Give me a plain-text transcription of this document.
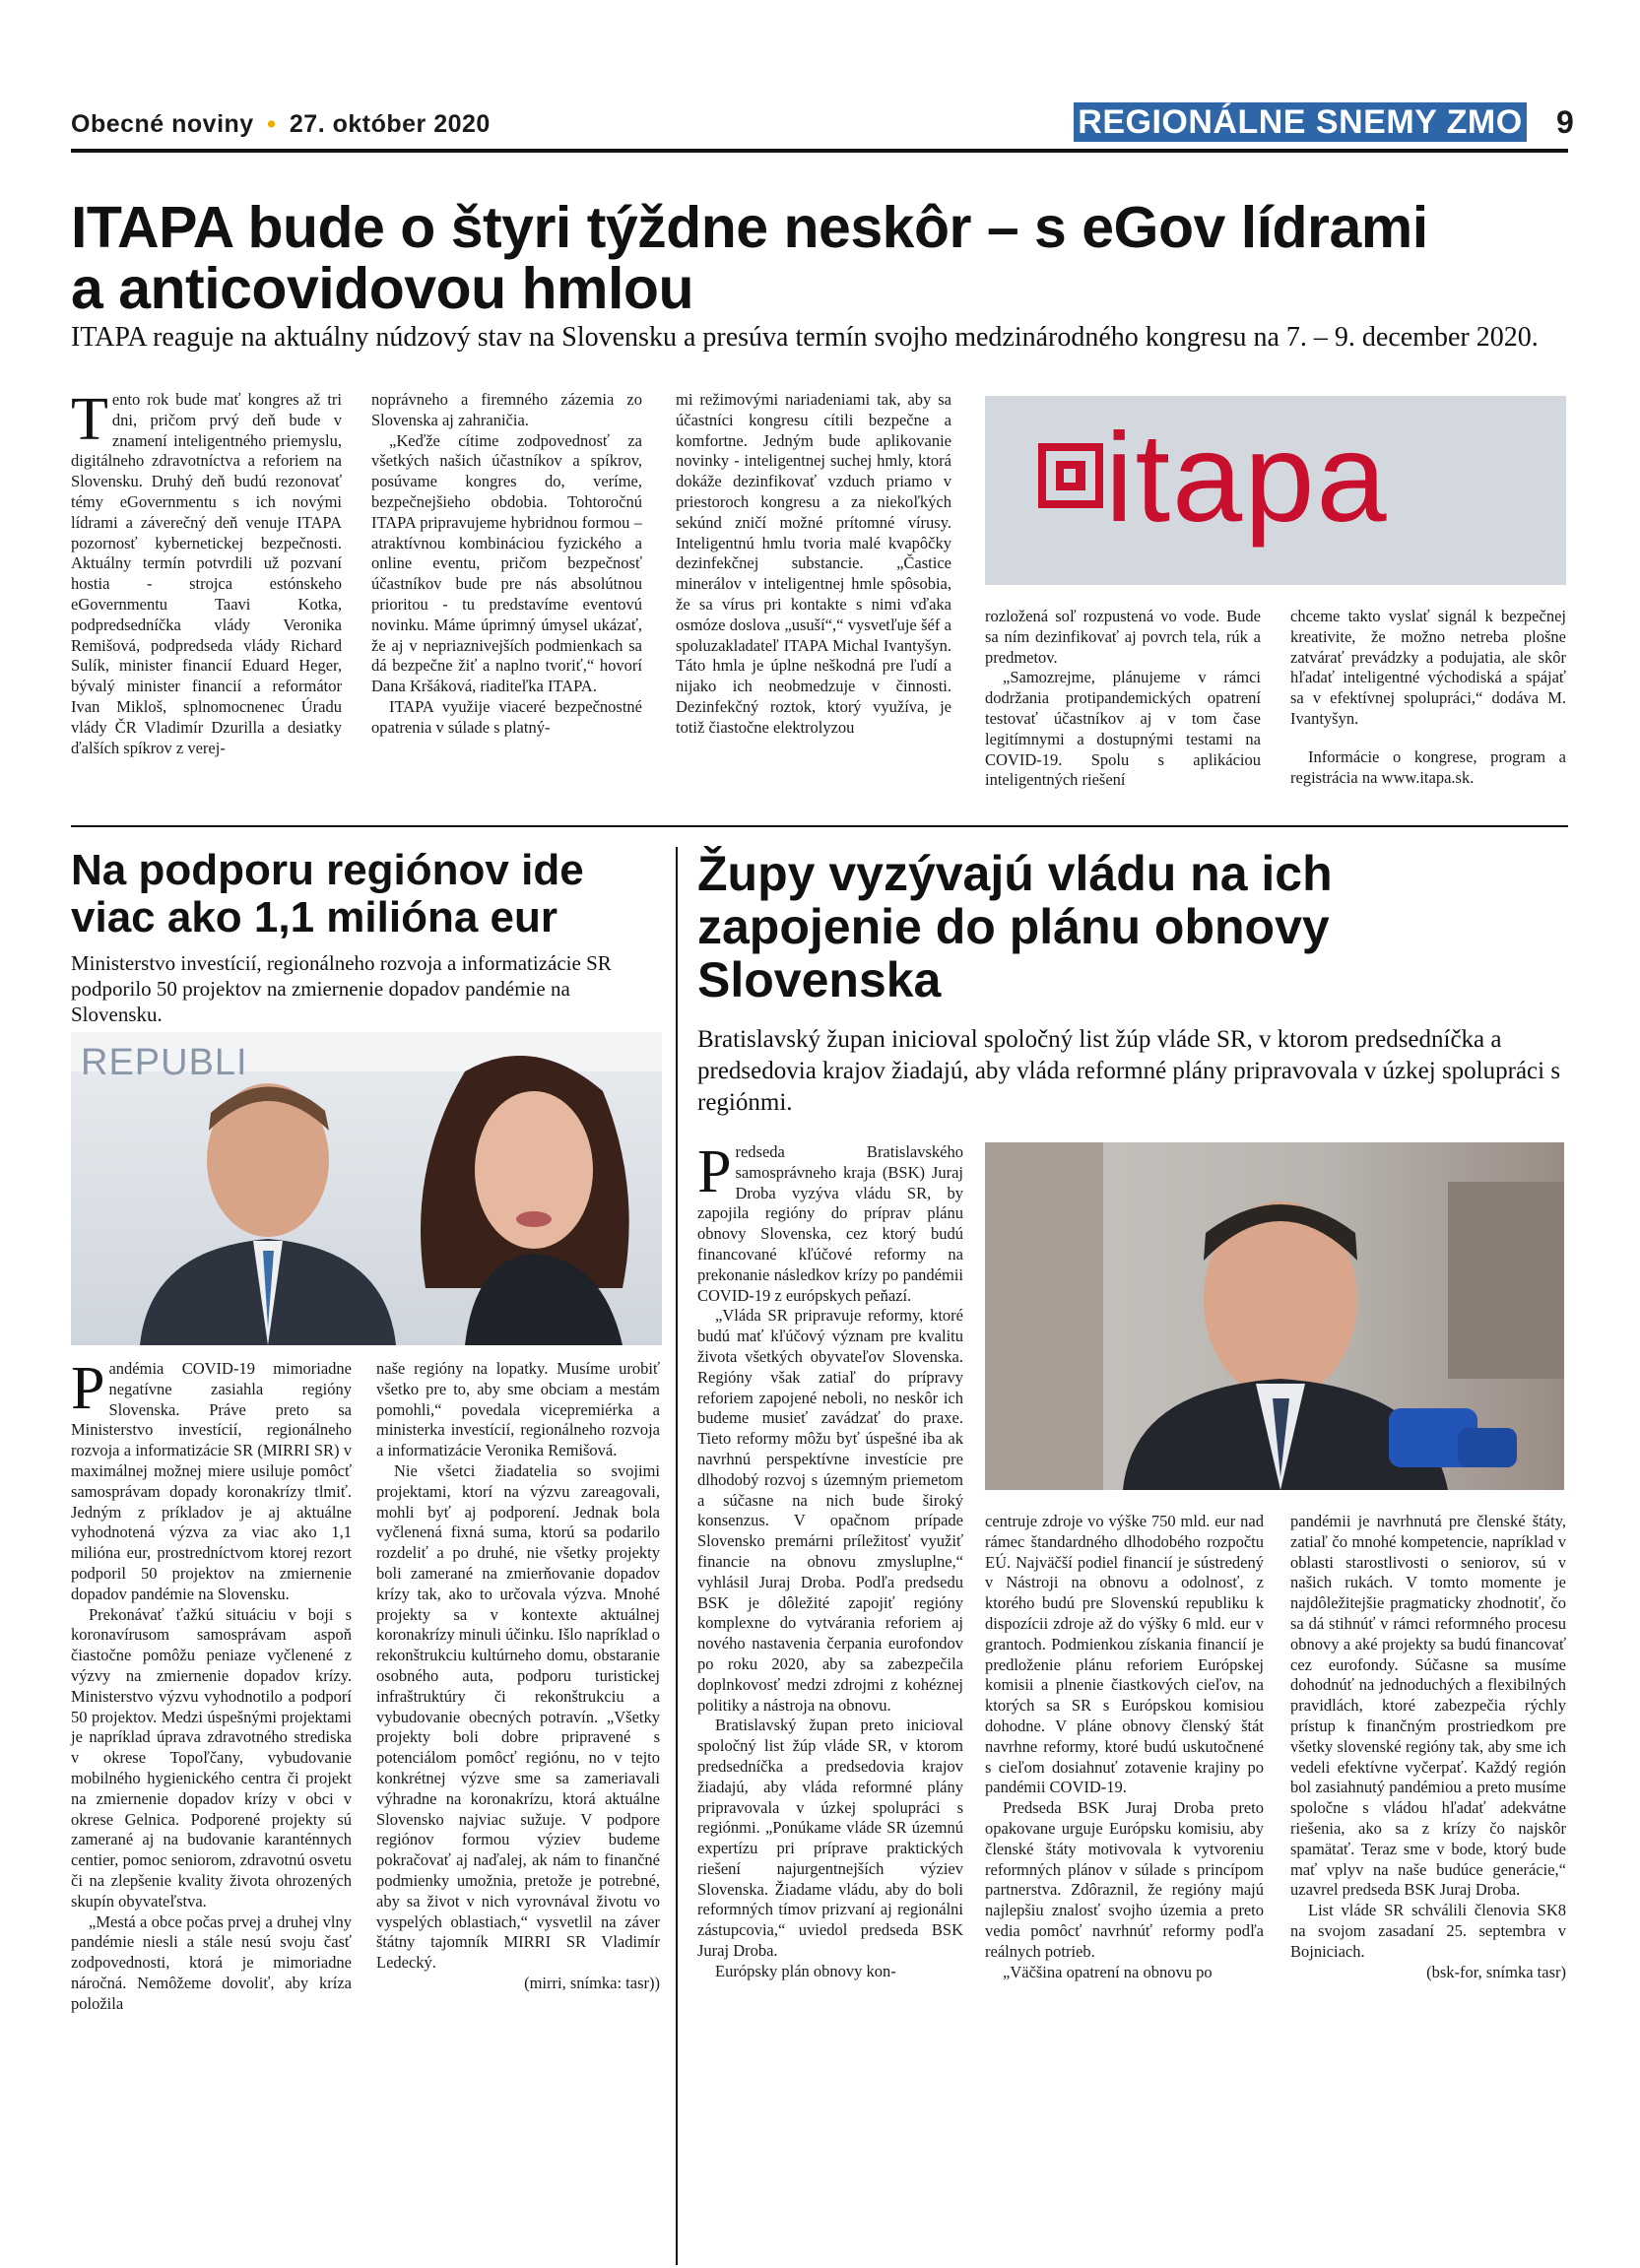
Obecné noviny • 27. október 2020	REGIONÁLNE SNEMY ZMO 9
ITAPA bude o štyri týždne neskôr – s eGov lídrami
a anticovidovou hmlou
ITAPA reaguje na aktuálny núdzový stav na Slovensku a presúva termín svojho medzinárodného kongresu na 7. – 9. december 2020.

Tento rok bude mať kongres až tri dni, pričom prvý deň bude v znamení inteligentného priemyslu, digitálneho zdravotníctva a reforiem na Slovensku. Druhý deň budú rezonovať témy eGovernmentu s ich novými lídrami a záverečný deň venuje ITAPA pozornosť kybernetickej bezpečnosti. Aktuálny termín potvrdili už pozvaní hostia - strojca estónskeho eGovernmentu Taavi Kotka, podpredsedníčka vlády Veronika Remišová, podpredseda vlády Richard Sulík, minister financií Eduard Heger, bývalý minister financií a reformátor Ivan Mikloš, splnomocnenec Úradu vlády ČR Vladimír Dzurilla a desiatky ďalších spíkrov z verej-

noprávneho a firemného zázemia zo Slovenska aj zahraničia.

„Keďže cítime zodpovednosť za všetkých našich účastníkov a spíkrov, posúvame kongres do, veríme, bezpečnejšieho obdobia. Tohtoročnú ITAPA pripravujeme hybridnou formou – atraktívnou kombináciou fyzického a online eventu, pričom bezpečnosť účastníkov bude pre nás absolútnou prioritou - tu predstavíme eventovú novinku. Máme úprimný úmysel ukázať, že aj v nepriaznivejších podmienkach sa dá bezpečne žiť a naplno tvoriť,“ hovorí Dana Kršáková, riaditeľka ITAPA.

ITAPA využije viaceré bezpečnostné opatrenia v súlade s platný-

mi režimovými nariadeniami tak, aby sa účastníci kongresu cítili bezpečne a komfortne. Jedným bude aplikovanie novinky - inteligentnej suchej hmly, ktorá dokáže dezinfikovať vzduch priamo v priestoroch kongresu a za niekoľkých sekúnd zničí možné prítomné vírusy. Inteligentnú hmlu tvoria malé kvapôčky dezinfekčnej substancie. „Častice minerálov v inteligentnej hmle spôsobia, že sa vírus pri kontakte s nimi vďaka osmóze doslova „usuší“,“ vysvetľuje šéf a spoluzakladateľ ITAPA Michal Ivantyšyn. Táto hmla je úplne neškodná pre ľudí a nijako ich neobmedzuje v činnosti. Dezinfekčný roztok, ktorý využíva, je totiž čiastočne elektrolyzou

itapa

rozložená soľ rozpustená vo vode. Bude sa ním dezinfikovať aj povrch tela, rúk a predmetov.

„Samozrejme, plánujeme v rámci dodržania protipandemických opatrení testovať účastníkov aj v tom čase legitímnymi a dostupnými testami na COVID-19. Spolu s aplikáciou inteligentných riešení

chceme takto vyslať signál k bezpečnej kreativite, že možno netreba plošne zatvárať prevádzky a podujatia, ale skôr hľadať inteligentné východiská a spájať sa v efektívnej spolupráci,“ dodáva M. Ivantyšyn.

Informácie o kongrese, program a registrácia na www.itapa.sk.

Na podporu regiónov ide
viac ako 1,1 milióna eur
Ministerstvo investícií, regionálneho rozvoja a informatizácie SR podporilo 50 projektov na zmiernenie dopadov pandémie na Slovensku.
REPUBLI

Pandémia COVID-19 mimoriadne negatívne zasiahla regióny Slovenska. Práve preto sa Ministerstvo investícií, regionálneho rozvoja a informatizácie SR (MIRRI SR) v maximálnej možnej miere usiluje pomôcť samosprávam dopady koronakrízy tlmiť. Jedným z príkladov je aj aktuálne vyhodnotená výzva za viac ako 1,1 milióna eur, prostredníctvom ktorej rezort podporil 50 projektov na zmiernenie dopadov pandémie na Slovensku.

Prekonávať ťažkú situáciu v boji s koronavírusom samosprávam aspoň čiastočne pomôžu peniaze vyčlenené z výzvy na zmiernenie dopadov krízy. Ministerstvo výzvu vyhodnotilo a podporí 50 projektov. Medzi úspešnými projektami je napríklad úprava zdravotného strediska v okrese Topoľčany, vybudovanie mobilného hygienického centra či projekt na zmiernenie dopadov krízy v obci v okrese Gelnica. Podporené projekty sú zamerané aj na budovanie karanténnych centier, pomoc seniorom, zdravotnú osvetu či na zlepšenie kvality života ohrozených skupín obyvateľstva.

„Mestá a obce počas prvej a druhej vlny pandémie niesli a stále nesú svoju časť zodpovednosti, ktorá je mimoriadne náročná. Nemôžeme dovoliť, aby kríza položila

naše regióny na lopatky. Musíme urobiť všetko pre to, aby sme obciam a mestám pomohli,“ povedala vicepremiérka a ministerka investícií, regionálneho rozvoja a informatizácie Veronika Remišová.

Nie všetci žiadatelia so svojimi projektami, ktorí na výzvu zareagovali, mohli byť aj podporení. Jednak bola vyčlenená fixná suma, ktorú sa podarilo rozdeliť a po druhé, nie všetky projekty boli zamerané na zmierňovanie dopadov krízy tak, ako to určovala výzva. Mnohé projekty sa v kontexte aktuálnej koronakrízy minuli účinku. Išlo napríklad o rekonštrukciu kultúrneho domu, obstaranie osobného auta, podporu turistickej infraštruktúry či rekonštrukciu a vybudovanie obecných potravín. „Všetky projekty boli dobre pripravené s potenciálom pomôcť regiónu, no v tejto konkrétnej výzve sme sa zameriavali výhradne na koronakrízu, ktorá aktuálne Slovensko najviac sužuje. V podpore regiónov formou výziev budeme pokračovať aj naďalej, ak nám to finančné podmienky umožnia, pretože je potrebné, aby sa život v nich vyrovnával životu vo vyspelých oblastiach,“ vysvetlil na záver štátny tajomník MIRRI SR Vladimír Ledecký.

(mirri, snímka: tasr))

Župy vyzývajú vládu na ich
zapojenie do plánu obnovy
Slovenska
Bratislavský župan inicioval spoločný list žúp vláde SR, v ktorom predsedníčka a predsedovia krajov žiadajú, aby vláda reformné plány pripravovala v úzkej spolupráci s regiónmi.

Predseda Bratislavského samosprávneho kraja (BSK) Juraj Droba vyzýva vládu SR, by zapojila regióny do príprav plánu obnovy Slovenska, cez ktorý budú financované kľúčové reformy na prekonanie následkov krízy po pandémii COVID-19 z európskych peňazí.

„Vláda SR pripravuje reformy, ktoré budú mať kľúčový význam pre kvalitu života všetkých obyvateľov Slovenska. Regióny však zatiaľ do prípravy reforiem zapojené neboli, no neskôr ich budeme musieť zavádzať do praxe. Tieto reformy môžu byť úspešné iba ak navrhnú perspektívne investície pre dlhodobý rozvoj s územným priemetom a súčasne na nich bude široký konsenzus. V opačnom prípade Slovensko premárni príležitosť využiť financie na obnovu zmysluplne,“ vyhlásil Juraj Droba. Podľa predsedu BSK je dôležité zapojiť regióny komplexne do vytvárania reforiem aj nového nastavenia čerpania eurofondov po roku 2020, aby sa zabezpečila doplnkovosť medzi zdrojmi z kohéznej politiky a nástroja na obnovu.

Bratislavský župan preto inicioval spoločný list žúp vláde SR, v ktorom predsedníčka a predsedovia krajov žiadajú, aby vláda reformné plány pripravovala v úzkej spolupráci s regiónmi. „Ponúkame vláde SR územnú expertízu pri príprave praktických riešení najurgentnejších výziev Slovenska. Žiadame vládu, aby do boli reformných tímov prizvaní aj regionálni zástupcovia,“ uviedol predseda BSK Juraj Droba.

Európsky plán obnovy kon-

centruje zdroje vo výške 750 mld. eur nad rámec štandardného dlhodobého rozpočtu EÚ. Najväčší podiel financií je sústredený v Nástroji na obnovu a odolnosť, z ktorého budú pre Slovenskú republiku k dispozícii zdroje až do výšky 6 mld. eur v grantoch. Podmienkou získania financií je predloženie plánu reforiem Európskej komisii a plnenie čiastkových cieľov, na ktorých sa SR s Európskou komisiou dohodne. V pláne obnovy členský štát navrhne reformy, ktoré budú uskutočnené s cieľom dosiahnuť zotavenie krajiny po pandémii COVID-19.

Predseda BSK Juraj Droba preto opakovane urguje Európsku komisiu, aby členské štáty motivovala k vytvoreniu reformných plánov v súlade s princípom partnerstva. Zdôraznil, že regióny majú najlepšiu znalosť svojho územia a preto vedia pomôcť navrhnúť reformy podľa reálnych potrieb.

„Väčšina opatrení na obnovu po

pandémii je navrhnutá pre členské štáty, zatiaľ čo mnohé kompetencie, napríklad v oblasti starostlivosti o seniorov, sú v našich rukách. V tomto momente je najdôležitejšie pragmaticky zhodnotiť, čo sa dá stihnúť v rámci reformného procesu obnovy a aké projekty sa budú financovať cez eurofondy. Súčasne sa musíme dohodnúť na jednoduchých a flexibilných pravidlách, ktoré zabezpečia rýchly prístup k finančným prostriedkom pre všetky slovenské regióny tak, aby sme ich vedeli efektívne vyčerpať. Každý región bol zasiahnutý pandémiou a preto musíme spoločne s vládou hľadať adekvátne riešenia, ako sa z krízy čo najskôr spamätať. Teraz sme v bode, ktorý bude mať vplyv na naše budúce generácie,“ uzavrel predseda BSK Juraj Droba.

List vláde SR schválili členovia SK8 na svojom zasadaní 25. septembra v Bojniciach.

(bsk-for, snímka tasr)
